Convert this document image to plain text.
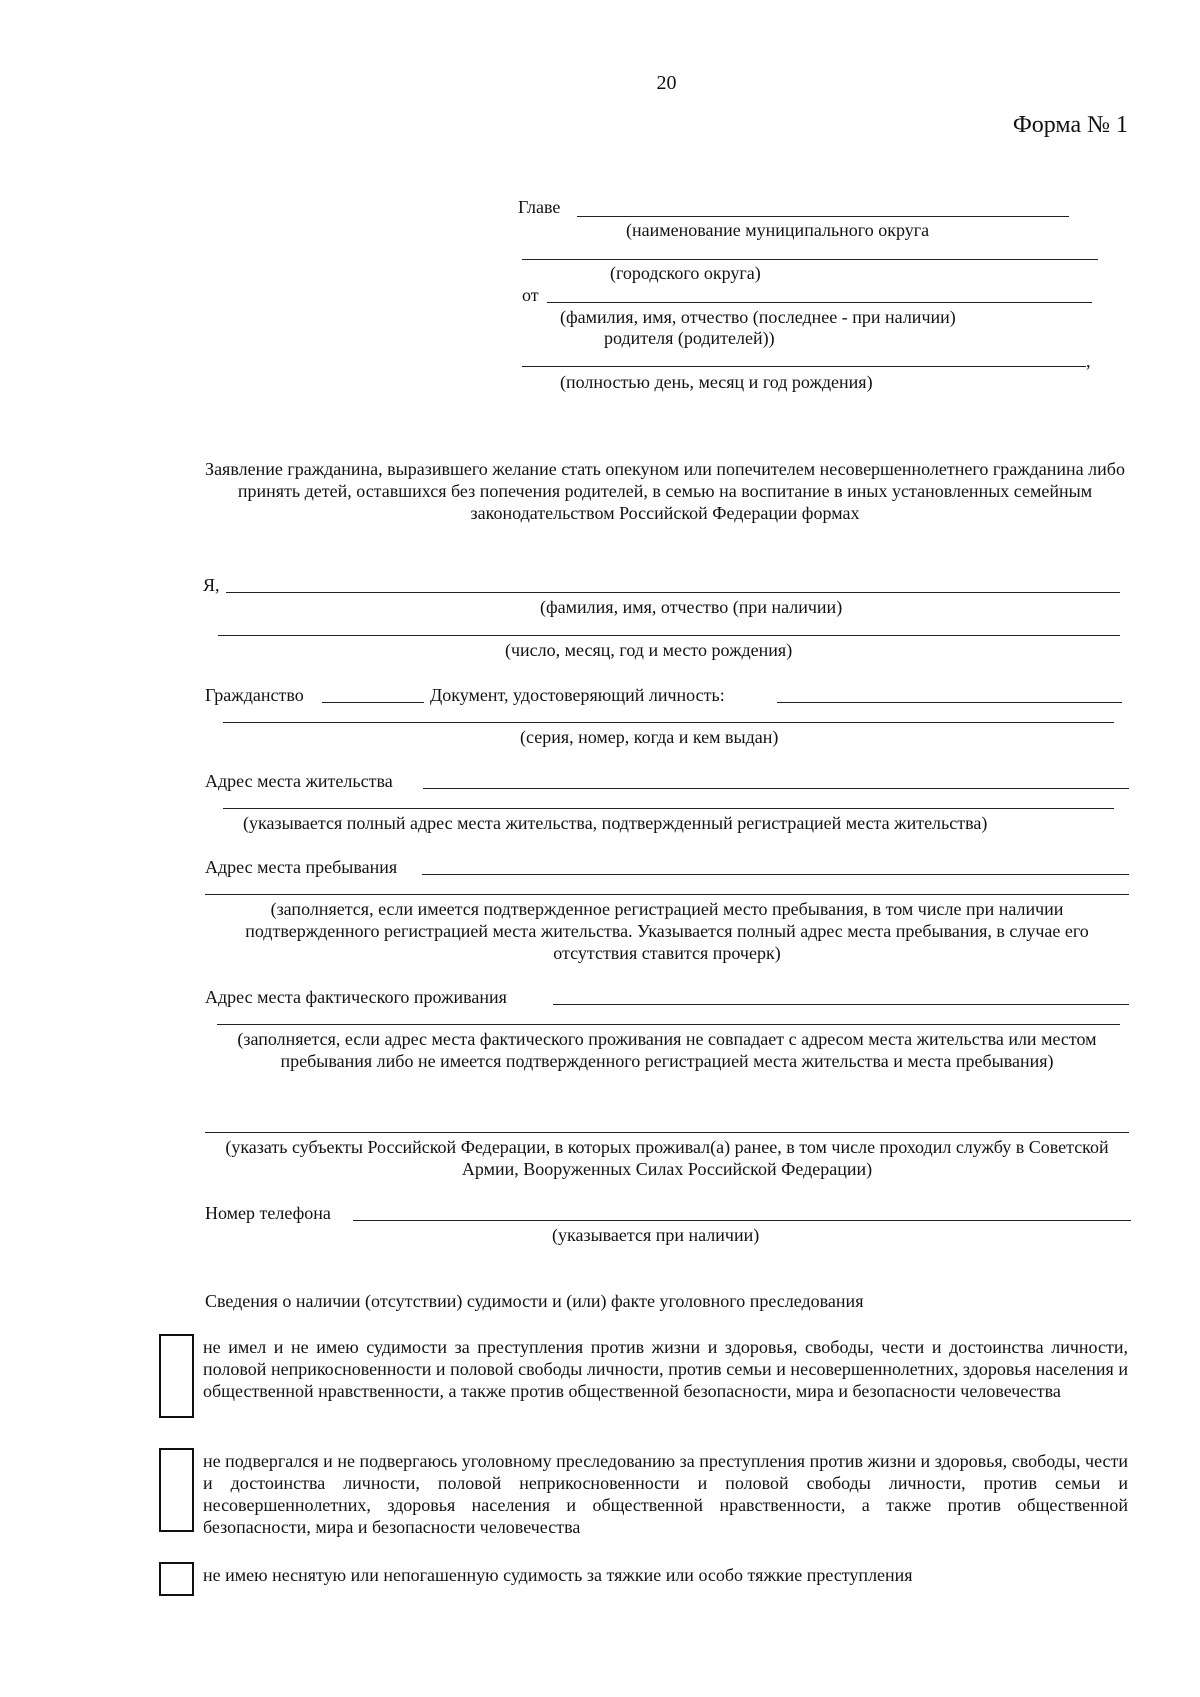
20
Форма № 1
Главе
(наименование муниципального округа
(городского округа)
от
(фамилия, имя, отчество (последнее - при наличии)
родителя (родителей))
,
(полностью день, месяц и год рождения)
Заявление гражданина, выразившего желание стать опекуном или попечителем несовершеннолетнего гражданина либо принять детей, оставшихся без попечения родителей, в семью на воспитание в иных установленных семейным законодательством Российской Федерации формах
Я,
(фамилия, имя, отчество (при наличии)
(число, месяц, год и место рождения)
Гражданство	Документ, удостоверяющий личность:
(серия, номер, когда и кем выдан)
Адрес места жительства
(указывается полный адрес места жительства, подтвержденный регистрацией места жительства)
Адрес места пребывания
(заполняется, если имеется подтвержденное регистрацией место пребывания, в том числе при наличии подтвержденного регистрацией места жительства. Указывается полный адрес места пребывания, в случае его отсутствия ставится прочерк)
Адрес места фактического проживания
(заполняется, если адрес места фактического проживания не совпадает с адресом места жительства или местом пребывания либо не имеется подтвержденного регистрацией места жительства и места пребывания)
(указать субъекты Российской Федерации, в которых проживал(а) ранее, в том числе проходил службу в Советской Армии, Вооруженных Силах Российской Федерации)
Номер телефона
(указывается при наличии)
Сведения о наличии (отсутствии) судимости и (или) факте уголовного преследования
не имел и не имею судимости за преступления против жизни и здоровья, свободы, чести и достоинства личности, половой неприкосновенности и половой свободы личности, против семьи и несовершеннолетних, здоровья населения и общественной нравственности, а также против общественной безопасности, мира и безопасности человечества
не подвергался и не подвергаюсь уголовному преследованию за преступления против жизни и здоровья, свободы, чести и достоинства личности, половой неприкосновенности и половой свободы личности, против семьи и несовершеннолетних, здоровья населения и общественной нравственности, а также против общественной безопасности, мира и безопасности человечества
не имею неснятую или непогашенную судимость за тяжкие или особо тяжкие преступления
